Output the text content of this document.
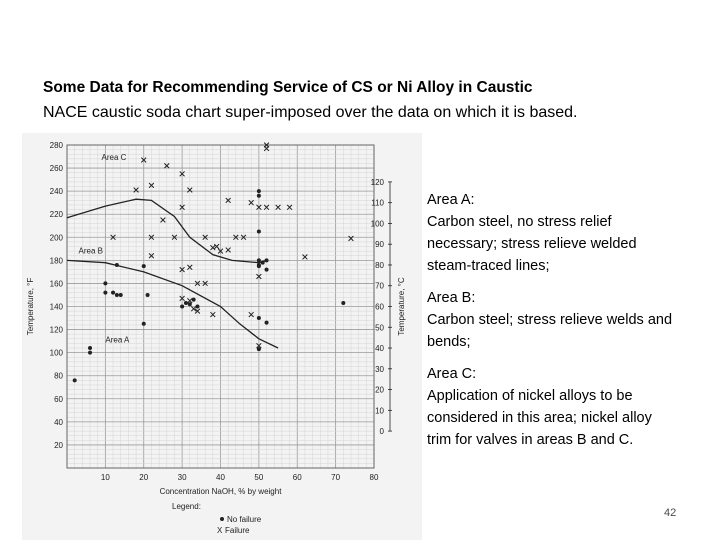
Some Data for Recommending Service of CS or Ni Alloy in Caustic
NACE caustic soda chart super-imposed over the data on which it is based.
Area A
Area B
Area C
10	20	30	40	50	60	70	80
20
40
60
80
100
120
140
160
180
200
220
240
260
280
0
10
20
30
40
50
60
70
80
90
100
110
120
Concentration NaOH, % by weight
Temperature, °F	Temperature, °C
Legend:
No failure
X Failure
Area A:
Carbon steel, no stress relief necessary; stress relieve welded steam-traced lines;
Area B:
Carbon steel; stress relieve welds and bends;
Area C:
Application of nickel alloys to be considered in this area; nickel alloy trim for valves in areas B and C.
42
